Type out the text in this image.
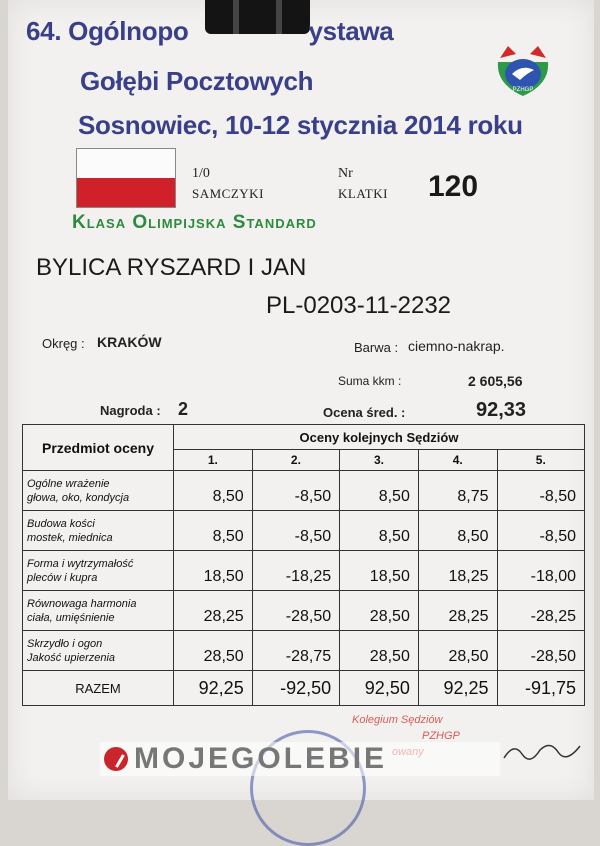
64. Ogólnopo	ystawa
Gołębi Pocztowych
Sosnowiec, 10-12 stycznia 2014 roku
PZHGP
1/0
SAMCZYKI
Nr
KLATKI 120
Klasa Olimpijska Standard
BYLICA RYSZARD I JAN
PL-0203-11-2232
Okręg : KRAKÓW	Barwa : ciemno-nakrap.
Suma kkm :	2 605,56
Nagroda : 2	Ocena śred. :	92,33
Przedmiot oceny	Oceny kolejnych Sędziów				
	1.	2.	3.	4.	5.

Ogólne wrażenie
głowa, oko, kondycja	8,50	-8,50	8,50	8,75	-8,50

Budowa kości
mostek, miednica	8,50	-8,50	8,50	8,50	-8,50

Forma i wytrzymałość
pleców i kupra	18,50	-18,25	18,50	18,25	-18,00

Równowaga harmonia
ciała, umięśnienie	28,25	-28,50	28,50	28,25	-28,25

Skrzydło i ogon
Jakość upierzenia	28,50	-28,75	28,50	28,50	-28,50
RAZEM	92,25	-92,50	92,50	92,25	-91,75
Kolegium Sędziów
PZHGP
MOJEGOLEBIE
